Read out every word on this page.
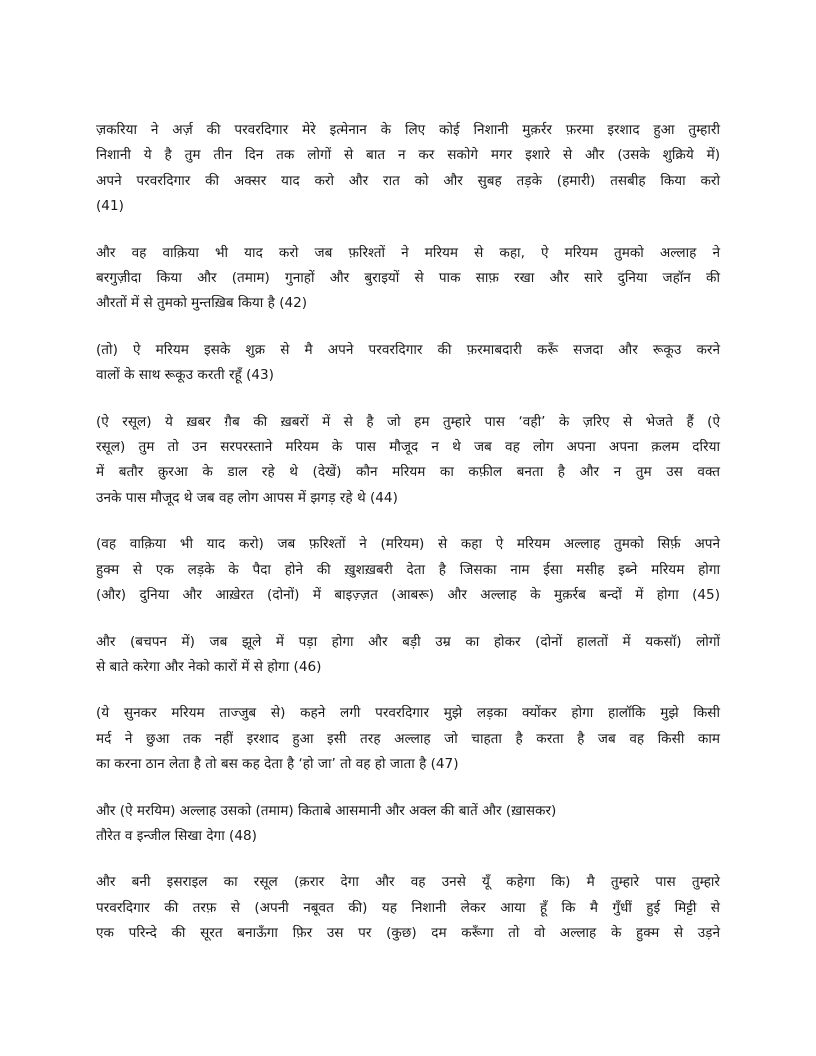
ज़करिया ने अर्ज़ की परवरदिगार मेरे इत्मेनान के लिए कोई निशानी मुक़र्रर फ़रमा इरशाद हुआ तुम्हारी
निशानी ये है तुम तीन दिन तक लोगों से बात न कर सकोगे मगर इशारे से और (उसके शुक्रिये में)
अपने परवरदिगार की अक्सर याद करो और रात को और सुबह तड़के (हमारी) तसबीह किया करो
(41)

और वह वाक़िया भी याद करो जब फ़रिश्तों ने मरियम से कहा, ऐ मरियम तुमको अल्लाह ने
बरगुज़ीदा किया और (तमाम) गुनाहों और बुराइयों से पाक साफ़ रखा और सारे दुनिया जहॉन की
औरतों में से तुमको मुन्तख़िब किया है (42)

(तो) ऐ मरियम इसके शुक्र से मै अपने परवरदिगार की फ़रमाबदारी करूँ सजदा और रूकूउ करने
वालों के साथ रूकूउ करती रहूँ (43)

(ऐ रसूल) ये ख़बर ग़ैब की ख़बरों में से है जो हम तुम्हारे पास ‘वही’ के ज़रिए से भेजते हैं (ऐ
रसूल) तुम तो उन सरपरस्ताने मरियम के पास मौजूद न थे जब वह लोग अपना अपना क़लम दरिया
में बतौर क़ुरआ के डाल रहे थे (देखें) कौन मरियम का कफ़ील बनता है और न तुम उस वक्त
उनके पास मौजूद थे जब वह लोग आपस में झगड़ रहे थे (44)

(वह वाक़िया भी याद करो) जब फ़रिश्तों ने (मरियम) से कहा ऐ मरियम अल्लाह तुमको सिर्फ़ अपने
हुक्म से एक लड़के के पैदा होने की ख़ुशख़बरी देता है जिसका नाम ईसा मसीह इब्ने मरियम होगा
(और) दुनिया और आख़ेरत (दोनों) में बाइज़्ज़त (आबरू) और अल्लाह के मुक़र्रब बन्दों में होगा (45)

और (बचपन में) जब झूले में पड़ा होगा और बड़ी उम्र का होकर (दोनों हालतों में यकसॉ) लोगों
से बाते करेगा और नेको कारों में से होगा (46)

(ये सुनकर मरियम ताज्जुब से) कहने लगी परवरदिगार मुझे लड़का क्योंकर होगा हालॉकि मुझे किसी
मर्द ने छुआ तक नहीं इरशाद हुआ इसी तरह अल्लाह जो चाहता है करता है जब वह किसी काम
का करना ठान लेता है तो बस कह देता है ‘हो जा’ तो वह हो जाता है (47)

और (ऐ मरयिम) अल्लाह उसको (तमाम) किताबे आसमानी और अक्ल की बातें और (ख़ासकर)
तौरेत व इन्जील सिखा देगा (48)

और बनी इसराइल का रसूल (क़रार देगा और वह उनसे यूँ कहेगा कि) मै तुम्हारे पास तुम्हारे
परवरदिगार की तरफ़ से (अपनी नबूवत की) यह निशानी लेकर आया हूँ कि मै गुँधीं हुई मिट्टी से
एक परिन्दे की सूरत बनाऊँगा फ़िर उस पर (कुछ) दम करूँगा तो वो अल्लाह के हुक्म से उड़ने
